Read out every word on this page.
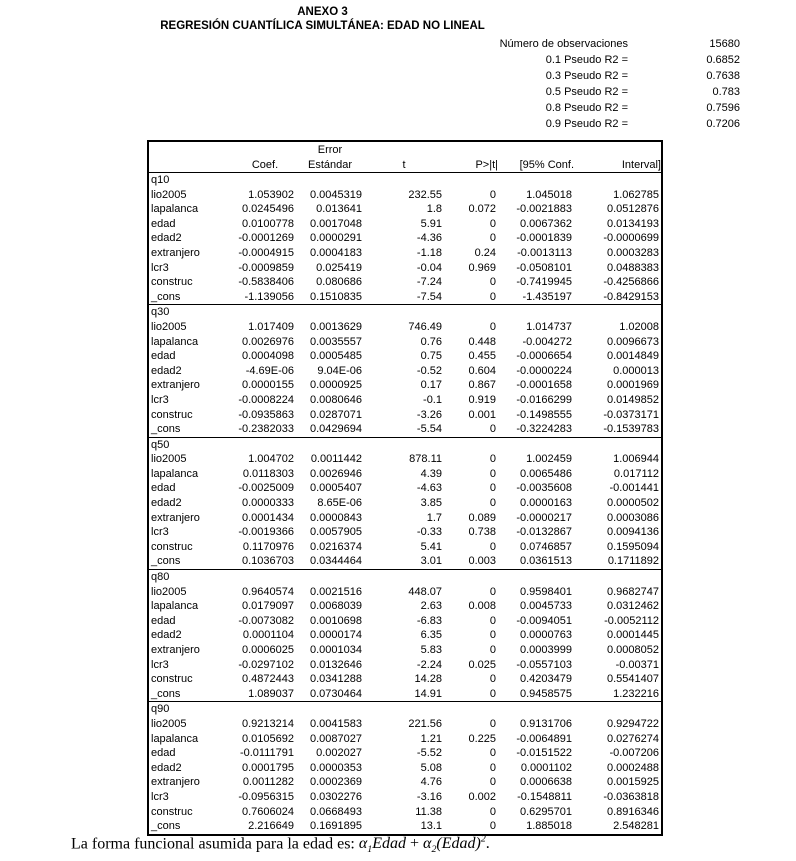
ANEXO 3
REGRESIÓN CUANTÍLICA SIMULTÁNEA: EDAD NO LINEAL
Número de observaciones	15680
0.1 Pseudo R2 =	0.6852
0.3 Pseudo R2 =	0.7638
0.5 Pseudo R2 =	0.783
0.8 Pseudo R2 =	0.7596
0.9 Pseudo R2 =	0.7206
		Error				
	Coef.	Estándar	t	P>|t|	[95% Conf.	Interval]
q10						
lio2005	1.053902	0.0045319	232.55	0	1.045018	1.062785
lapalanca	0.0245496	0.013641	1.8	0.072	-0.0021883	0.0512876
edad	0.0100778	0.0017048	5.91	0	0.0067362	0.0134193
edad2	-0.0001269	0.0000291	-4.36	0	-0.0001839	-0.0000699
extranjero	-0.0004915	0.0004183	-1.18	0.24	-0.0013113	0.0003283
lcr3	-0.0009859	0.025419	-0.04	0.969	-0.0508101	0.0488383
construc	-0.5838406	0.080686	-7.24	0	-0.7419945	-0.4256866
_cons	-1.139056	0.1510835	-7.54	0	-1.435197	-0.8429153
q30						
lio2005	1.017409	0.0013629	746.49	0	1.014737	1.02008
lapalanca	0.0026976	0.0035557	0.76	0.448	-0.004272	0.0096673
edad	0.0004098	0.0005485	0.75	0.455	-0.0006654	0.0014849
edad2	-4.69E-06	9.04E-06	-0.52	0.604	-0.0000224	0.000013
extranjero	0.0000155	0.0000925	0.17	0.867	-0.0001658	0.0001969
lcr3	-0.0008224	0.0080646	-0.1	0.919	-0.0166299	0.0149852
construc	-0.0935863	0.0287071	-3.26	0.001	-0.1498555	-0.0373171
_cons	-0.2382033	0.0429694	-5.54	0	-0.3224283	-0.1539783
q50						
lio2005	1.004702	0.0011442	878.11	0	1.002459	1.006944
lapalanca	0.0118303	0.0026946	4.39	0	0.0065486	0.017112
edad	-0.0025009	0.0005407	-4.63	0	-0.0035608	-0.001441
edad2	0.0000333	8.65E-06	3.85	0	0.0000163	0.0000502
extranjero	0.0001434	0.0000843	1.7	0.089	-0.0000217	0.0003086
lcr3	-0.0019366	0.0057905	-0.33	0.738	-0.0132867	0.0094136
construc	0.1170976	0.0216374	5.41	0	0.0746857	0.1595094
_cons	0.1036703	0.0344464	3.01	0.003	0.0361513	0.1711892
q80						
lio2005	0.9640574	0.0021516	448.07	0	0.9598401	0.9682747
lapalanca	0.0179097	0.0068039	2.63	0.008	0.0045733	0.0312462
edad	-0.0073082	0.0010698	-6.83	0	-0.0094051	-0.0052112
edad2	0.0001104	0.0000174	6.35	0	0.0000763	0.0001445
extranjero	0.0006025	0.0001034	5.83	0	0.0003999	0.0008052
lcr3	-0.0297102	0.0132646	-2.24	0.025	-0.0557103	-0.00371
construc	0.4872443	0.0341288	14.28	0	0.4203479	0.5541407
_cons	1.089037	0.0730464	14.91	0	0.9458575	1.232216
q90						
lio2005	0.9213214	0.0041583	221.56	0	0.9131706	0.9294722
lapalanca	0.0105692	0.0087027	1.21	0.225	-0.0064891	0.0276274
edad	-0.0111791	0.002027	-5.52	0	-0.0151522	-0.007206
edad2	0.0001795	0.0000353	5.08	0	0.0001102	0.0002488
extranjero	0.0011282	0.0002369	4.76	0	0.0006638	0.0015925
lcr3	-0.0956315	0.0302276	-3.16	0.002	-0.1548811	-0.0363818
construc	0.7606024	0.0668493	11.38	0	0.6295701	0.8916346
_cons	2.216649	0.1691895	13.1	0	1.885018	2.548281
La forma funcional asumida para la edad es: $\alpha_1Edad$ + $\alpha_2(Edad)^2$.
